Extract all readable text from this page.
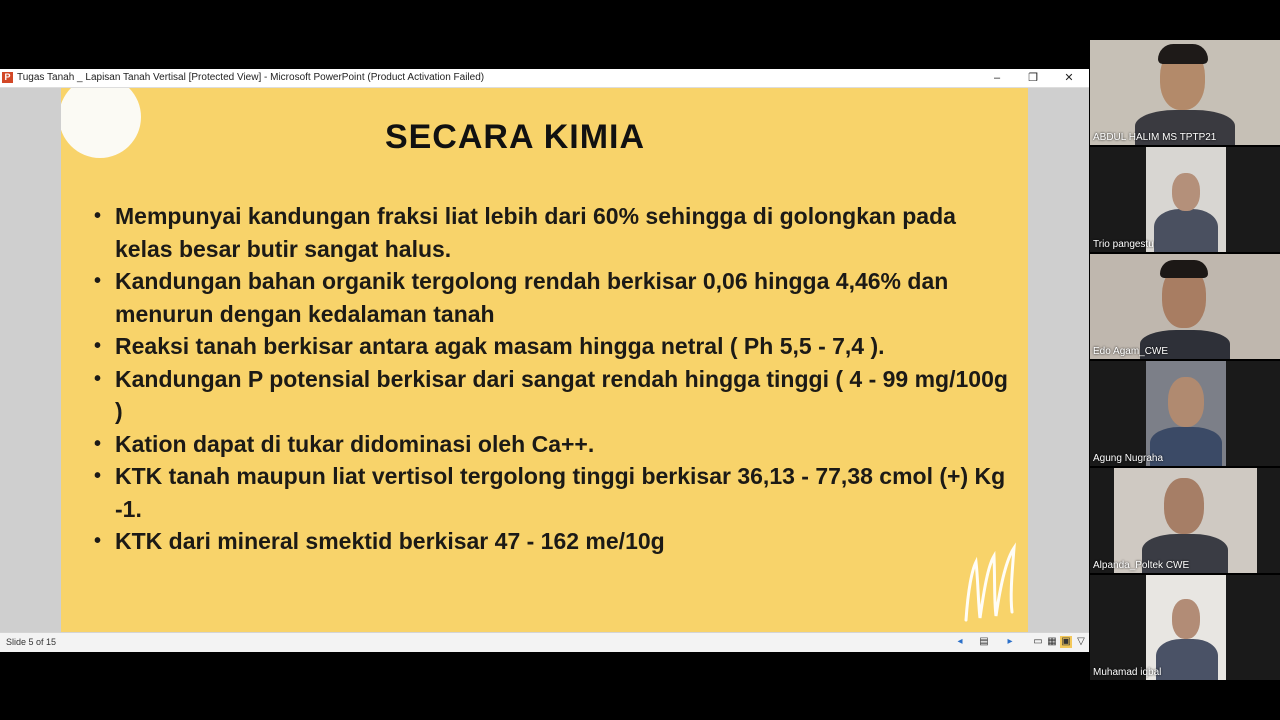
P Tugas Tanah _ Lapisan Tanah Vertisal [Protected View] - Microsoft PowerPoint (Product Activation Failed)	–	❐	✕
SECARA KIMIA
• Mempunyai kandungan fraksi liat lebih dari 60% sehingga di golongkan pada kelas besar butir sangat halus.
• Kandungan bahan organik tergolong rendah berkisar 0,06 hingga 4,46% dan menurun dengan kedalaman tanah
• Reaksi tanah berkisar antara agak masam hingga netral ( Ph 5,5 - 7,4 ).
• Kandungan P potensial berkisar dari sangat rendah hingga tinggi ( 4 - 99 mg/100g )
• Kation dapat di tukar didominasi oleh Ca++.
• KTK tanah maupun liat vertisol tergolong tinggi berkisar 36,13 - 77,38 cmol (+) Kg -1.
• KTK dari mineral smektid berkisar 47 - 162 me/10g
Slide 5 of 15	◂	▤	▸	▭ ▦ ▣ ▽
ABDUL HALIM MS TPTP21
Trio pangestu
Edo Agam_CWE
Agung Nugraha
Alpanda_Poltek CWE
Muhamad iqbal
